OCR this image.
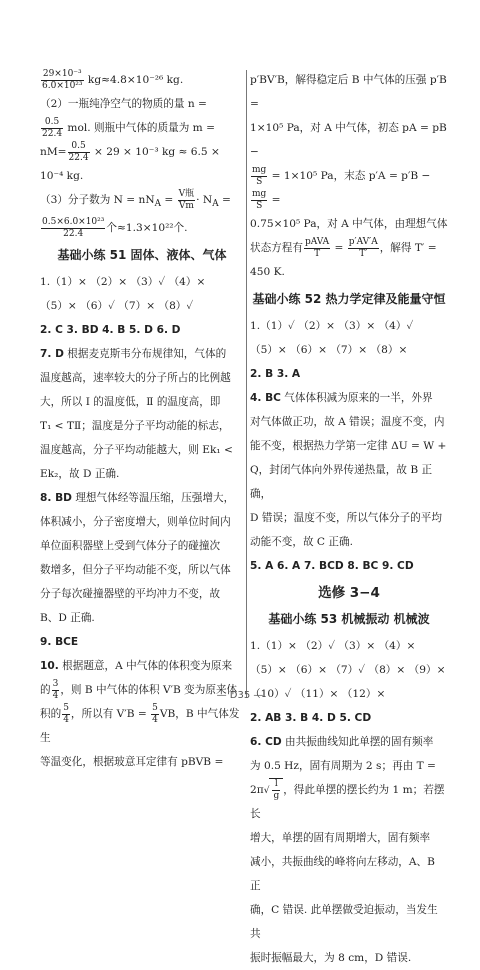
$\frac{\text{29×10⁻³}}{\text{6.0×10²³}} kg\approx 4.8\times 10^{-26}$ kg.

（2）一瓶纯净空气的物质的量 n =

$\frac{0.5}{22.4}$ mol. 则瓶中气体的质量为 m =

$nM= \frac{0.5}{22.4} \times 29 \times 10^{-3}$ kg ≈ 6.5 ×

10⁻⁴ kg.

（3）分子数为 $N = nN_A = \frac{\text{V瓶}}{Vm} \cdot N_A$ =

$\frac{\text{0.5×6.0×10²³}}{22.4}$ 个≈1.3×10²²个.

基础小练 51 固体、液体、气体

1.（1）× （2）× （3）✓ （4）×

（5）× （6）✓ （7）× （8）✓

2. C 3. BD 4. B 5. D 6. D

7. D 根据麦克斯韦分布规律知，气体的

温度越高，速率较大的分子所占的比例越

大，所以 Ⅰ 的温度低，Ⅱ 的温度高，即

T₁ < TⅡ；温度是分子平均动能的标志，

温度越高，分子平均动能越大，则 Ek₁ <

Ek₂，故 D 正确.

8. BD 理想气体经等温压缩，压强增大，

体积减小，分子密度增大，则单位时间内

单位面积器壁上受到气体分子的碰撞次

数增多，但分子平均动能不变，所以气体

分子每次碰撞器壁的平均冲力不变，故

B、D 正确.

9. BCE

10. 根据题意，A 中气体的体积变为原来

的 $\frac{3}{4}$ ，则 B 中气体的体积 V′B 变为原来体

积的 $\frac{5}{4}$ ，所以有 $V'B = \frac{5}{4}$ VB，B 中气体发生

等温变化，根据玻意耳定律有 pBVB =

p′BV′B，解得稳定后 B 中气体的压强 p′B =

1×10⁵ Pa，对 A 中气体，初态 pA = pB −

$\frac{mg}{S} = 1\times 10^5$ Pa，末态 p′A = p′B −
$\frac{mg}{S}$ =

0.75×10⁵ Pa，对 A 中气体，由理想气体

状态方程有 $\frac{\text{pAVA}}{T} = \frac{p'AV'A}{T'}$ ，解得 T′ =

450 K.

基础小练 52 热力学定律及能量守恒

1.（1）✓ （2）× （3）× （4）✓

（5）× （6）× （7）× （8）×

2. B 3. A

4. BC 气体体积减为原来的一半，外界

对气体做正功，故 A 错误；温度不变，内

能不变，根据热力学第一定律 ΔU = W +

Q，封闭气体向外界传递热量，故 B 正确，

D 错误；温度不变，所以气体分子的平均

动能不变，故 C 正确.

5. A 6. A 7. BCD 8. BC 9. CD

选修 3−4
基础小练 53 机械振动 机械波

1.（1）× （2）✓ （3）× （4）×

（5）× （6）× （7）✓ （8）× （9）×

（10）✓ （11）× （12）×

2. AB 3. B 4. D 5. CD

6. CD 由共振曲线知此单摆的固有频率

为 0.5 Hz，固有周期为 2 s；再由 T =

$2\pi√ \frac{l}{g}$ ，得此单摆的摆长约为 1 m；若摆长

增大，单摆的固有周期增大，固有频率

减小，共振曲线的峰将向左移动，A、B 正

确，C 错误. 此单摆做受迫振动，当发生共

振时振幅最大，为 8 cm，D 错误.

— D35 —
